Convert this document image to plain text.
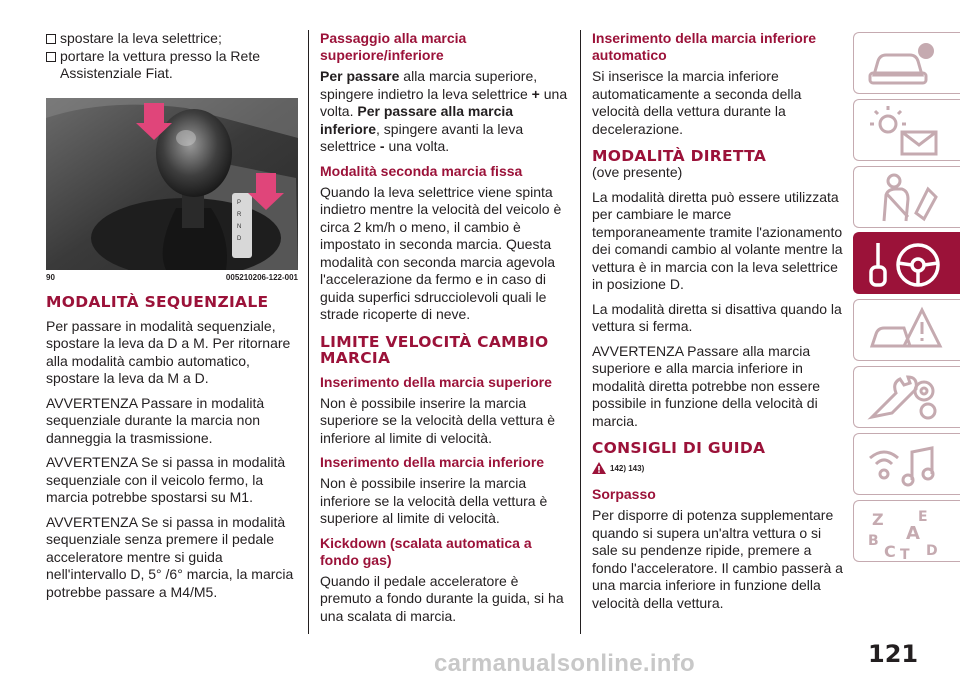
spostare la leva selettrice;
portare la vettura presso la Rete Assistenziale Fiat.
P
R
N
D
90	005210206-122-001
MODALITÀ SEQUENZIALE

Per passare in modalità sequenziale, spostare la leva da D a M. Per ritornare alla modalità cambio automatico, spostare la leva da M a D.

AVVERTENZA Passare in modalità sequenziale durante la marcia non danneggia la trasmissione.

AVVERTENZA Se si passa in modalità sequenziale con il veicolo fermo, la marcia potrebbe spostarsi su M1.

AVVERTENZA Se si passa in modalità sequenziale senza premere il pedale acceleratore mentre si guida nell'intervallo D, 5° /6° marcia, la marcia potrebbe passare a M4/M5.

Passaggio alla marcia superiore/inferiore

Per passare alla marcia superiore, spingere indietro la leva selettrice + una volta. Per passare alla marcia inferiore, spingere avanti la leva selettrice - una volta.

Modalità seconda marcia fissa

Quando la leva selettrice viene spinta indietro mentre la velocità del veicolo è circa 2 km/h o meno, il cambio è impostato in seconda marcia. Questa modalità con seconda marcia agevola l'accelerazione da fermo e in caso di guida superfici sdrucciolevoli quali le strade ricoperte di neve.

LIMITE VELOCITÀ CAMBIO MARCIA
Inserimento della marcia superiore

Non è possibile inserire la marcia superiore se la velocità della vettura è inferiore al limite di velocità.

Inserimento della marcia inferiore

Non è possibile inserire la marcia inferiore se la velocità della vettura è superiore al limite di velocità.

Kickdown (scalata automatica a fondo gas)

Quando il pedale acceleratore è premuto a fondo durante la guida, si ha una scalata di marcia.

Inserimento della marcia inferiore automatico

Si inserisce la marcia inferiore automaticamente a seconda della velocità della vettura durante la decelerazione.

MODALITÀ DIRETTA

(ove presente)

La modalità diretta può essere utilizzata per cambiare le marce temporaneamente tramite l'azionamento dei comandi cambio al volante mentre la vettura è in marcia con la leva selettrice in posizione D.

La modalità diretta si disattiva quando la vettura si ferma.

AVVERTENZA Passare alla marcia superiore e alla marcia inferiore in modalità diretta potrebbe non essere possibile in funzione della velocità di marcia.

CONSIGLI DI GUIDA
142) 143)
Sorpasso

Per disporre di potenza supplementare quando si supera un'altra vettura o si sale su pendenze ripide, premere a fondo l'acceleratore. Il cambio passerà a una marcia inferiore in funzione della velocità della vettura.

Z E
A
B
C T D
121
carmanualsonline.info
